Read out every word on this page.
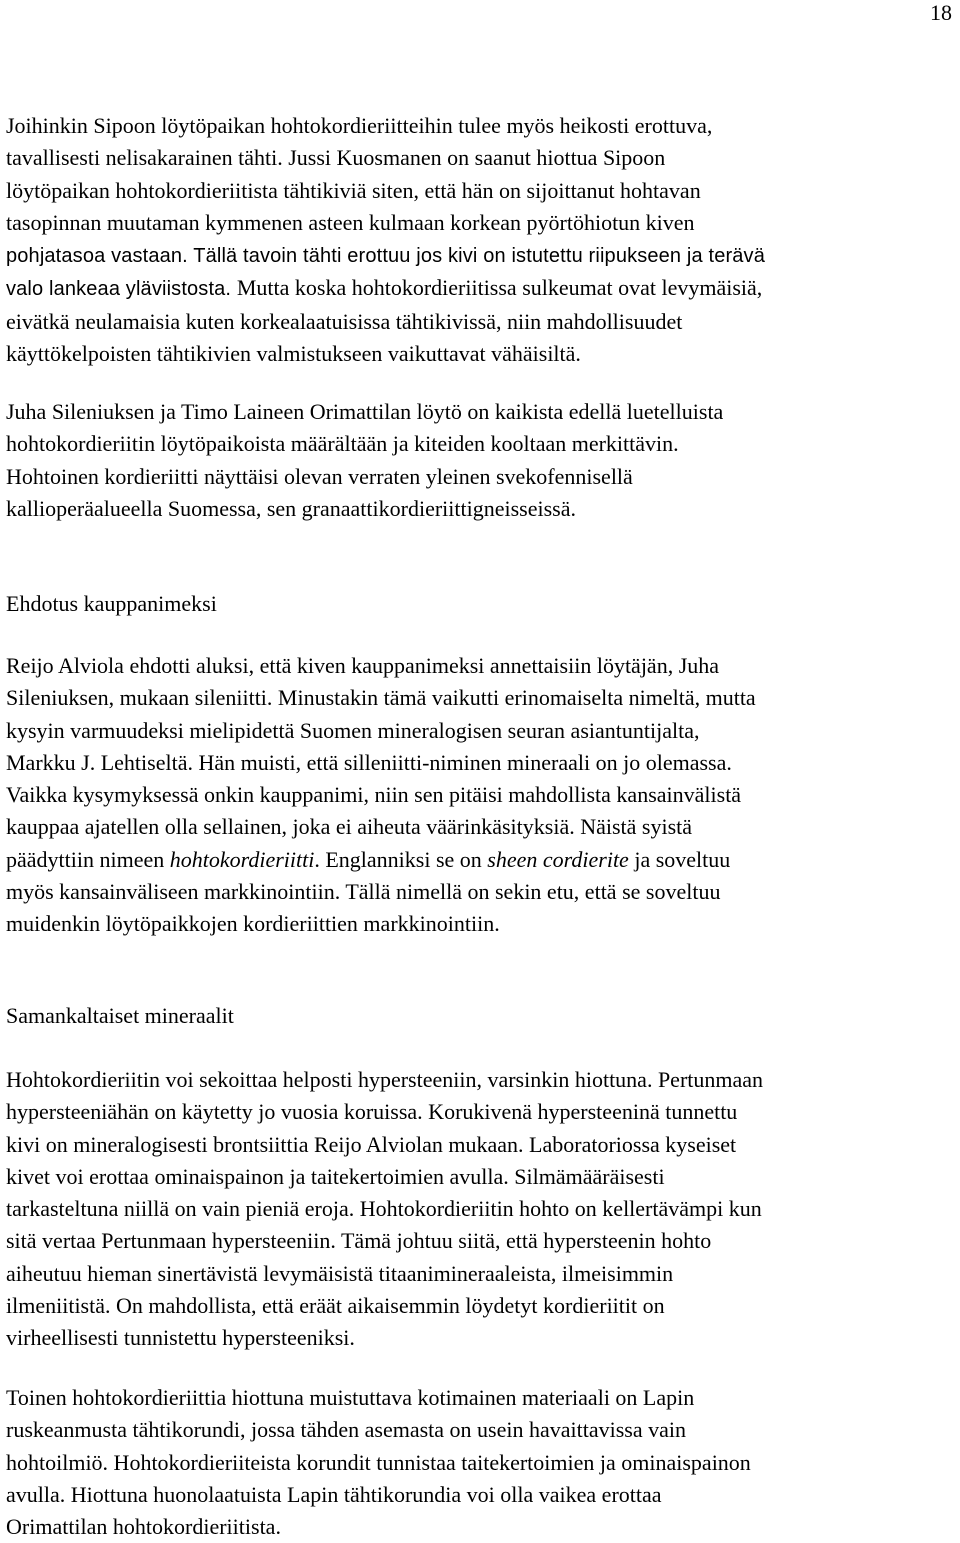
18

Joihinkin Sipoon löytöpaikan hohtokordieriitteihin tulee myös heikosti erottuva,
tavallisesti nelisakarainen tähti. Jussi Kuosmanen on saanut hiottua Sipoon
löytöpaikan hohtokordieriitista tähtikiviä siten, että hän on sijoittanut hohtavan
tasopinnan muutaman kymmenen asteen kulmaan korkean pyörtöhiotun kiven
pohjatasoa vastaan. Tällä tavoin tähti erottuu jos kivi on istutettu riipukseen ja terävä
valo lankeaa yläviistosta. Mutta koska hohtokordieriitissa sulkeumat ovat levymäisiä,
eivätkä neulamaisia kuten korkealaatuisissa tähtikivissä, niin mahdollisuudet
käyttökelpoisten tähtikivien valmistukseen vaikuttavat vähäisiltä.

Juha Sileniuksen ja Timo Laineen Orimattilan löytö on kaikista edellä luetelluista
hohtokordieriitin löytöpaikoista määrältään ja kiteiden kooltaan merkittävin.
Hohtoinen kordieriitti näyttäisi olevan verraten yleinen svekofennisellä
kallioperäalueella Suomessa, sen granaattikordieriittigneisseissä.

Ehdotus kauppanimeksi

Reijo Alviola ehdotti aluksi, että kiven kauppanimeksi annettaisiin löytäjän, Juha
Sileniuksen, mukaan sileniitti. Minustakin tämä vaikutti erinomaiselta nimeltä, mutta
kysyin varmuudeksi mielipidettä Suomen mineralogisen seuran asiantuntijalta,
Markku J. Lehtiseltä. Hän muisti, että silleniitti-niminen mineraali on jo olemassa.
Vaikka kysymyksessä onkin kauppanimi, niin sen pitäisi mahdollista kansainvälistä
kauppaa ajatellen olla sellainen, joka ei aiheuta väärinkäsityksiä. Näistä syistä
päädyttiin nimeen hohtokordieriitti. Englanniksi se on sheen cordierite ja soveltuu
myös kansainväliseen markkinointiin. Tällä nimellä on sekin etu, että se soveltuu
muidenkin löytöpaikkojen kordieriittien markkinointiin.

Samankaltaiset mineraalit

Hohtokordieriitin voi sekoittaa helposti hypersteeniin, varsinkin hiottuna. Pertunmaan
hypersteeniähän on käytetty jo vuosia koruissa. Korukivenä hypersteeninä tunnettu
kivi on mineralogisesti brontsiittia Reijo Alviolan mukaan. Laboratoriossa kyseiset
kivet voi erottaa ominaispainon ja taitekertoimien avulla. Silmämääräisesti
tarkasteltuna niillä on vain pieniä eroja. Hohtokordieriitin hohto on kellertävämpi kun
sitä vertaa Pertunmaan hypersteeniin. Tämä johtuu siitä, että hypersteenin hohto
aiheutuu hieman sinertävistä levymäisistä titaanimineraaleista, ilmeisimmin
ilmeniitistä. On mahdollista, että eräät aikaisemmin löydetyt kordieriitit on
virheellisesti tunnistettu hypersteeniksi.

Toinen hohtokordieriittia hiottuna muistuttava kotimainen materiaali on Lapin
ruskeanmusta tähtikorundi, jossa tähden asemasta on usein havaittavissa vain
hohtoilmiö. Hohtokordieriiteista korundit tunnistaa taitekertoimien ja ominaispainon
avulla. Hiottuna huonolaatuista Lapin tähtikorundia voi olla vaikea erottaa
Orimattilan hohtokordieriitista.
